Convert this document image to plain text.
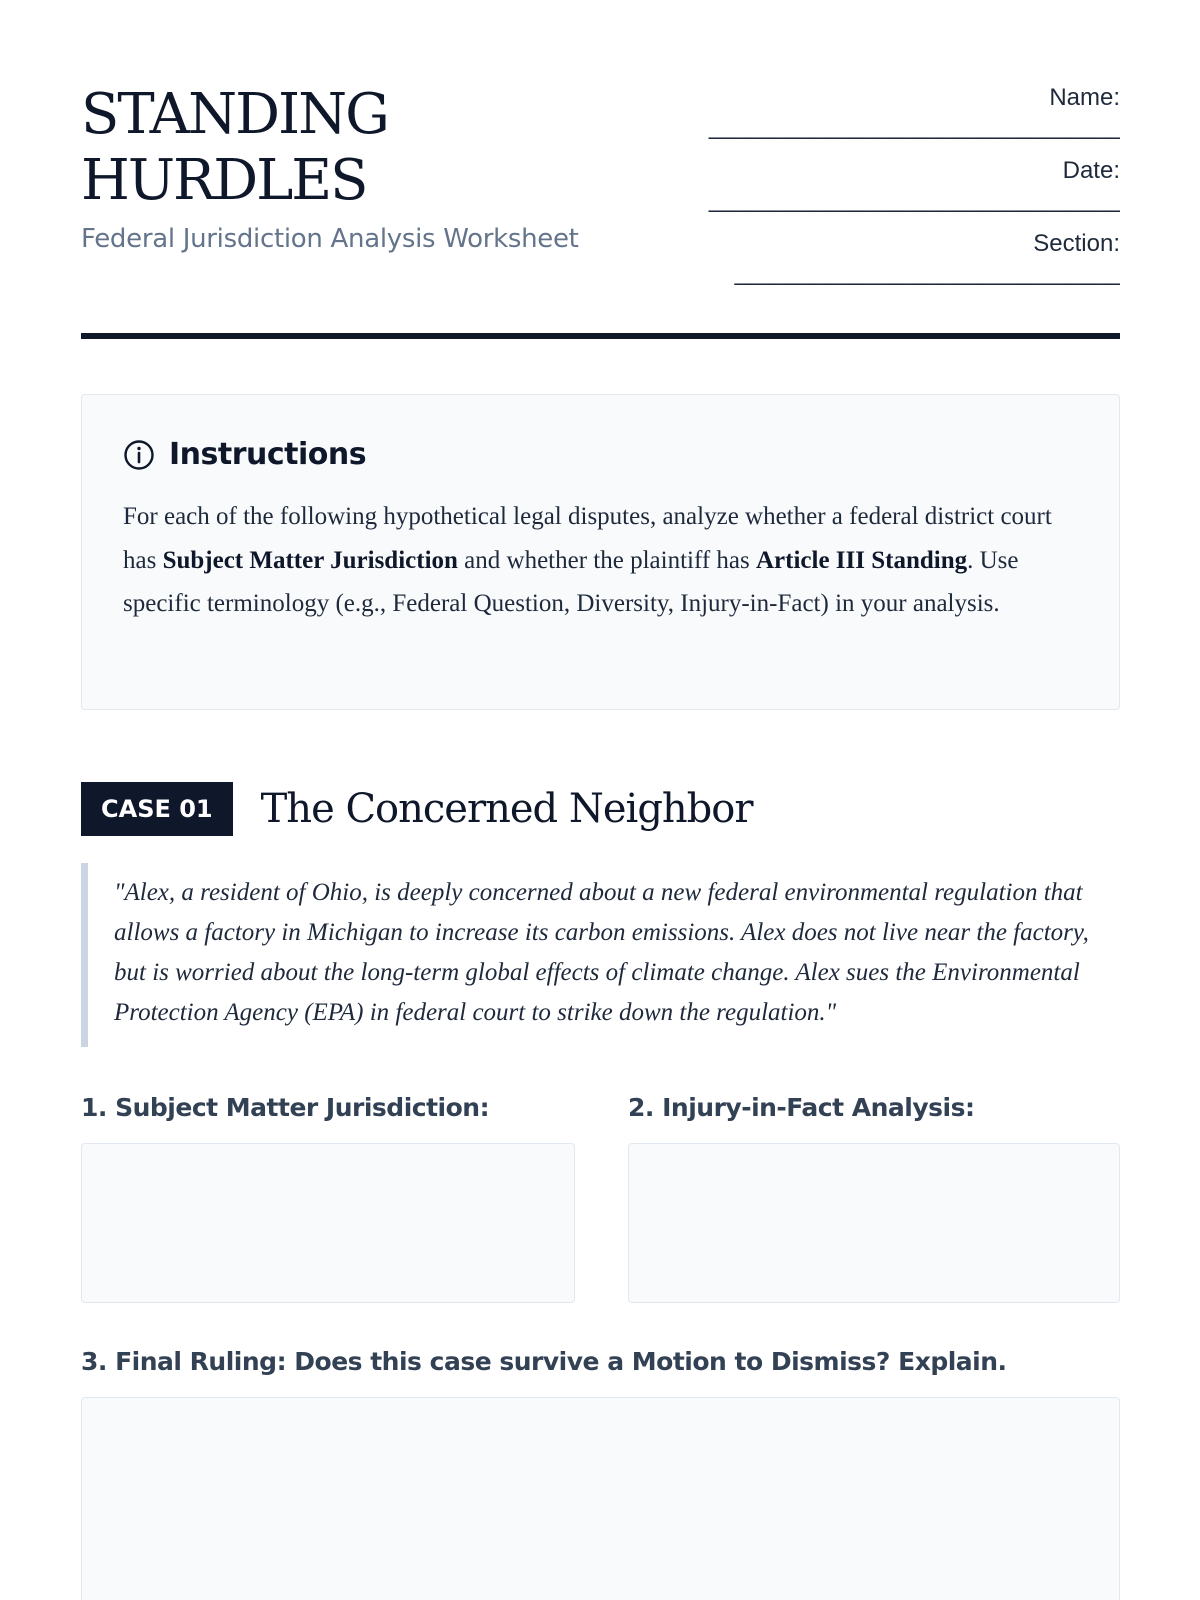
STANDING
HURDLES

Federal Jurisdiction Analysis Worksheet

Name:
________________________________
Date:
________________________________
Section:
______________________________
Instructions

For each of the following hypothetical legal disputes, analyze whether a federal district court has Subject Matter Jurisdiction and whether the plaintiff has Article III Standing. Use specific terminology (e.g., Federal Question, Diversity, Injury-in-Fact) in your analysis.

CASE 01	The Concerned Neighbor

"Alex, a resident of Ohio, is deeply concerned about a new federal environmental regulation that allows a factory in Michigan to increase its carbon emissions. Alex does not live near the factory, but is worried about the long-term global effects of climate change. Alex sues the Environmental Protection Agency (EPA) in federal court to strike down the regulation."

1. Subject Matter Jurisdiction:	2. Injury-in-Fact Analysis:
3. Final Ruling: Does this case survive a Motion to Dismiss? Explain.
